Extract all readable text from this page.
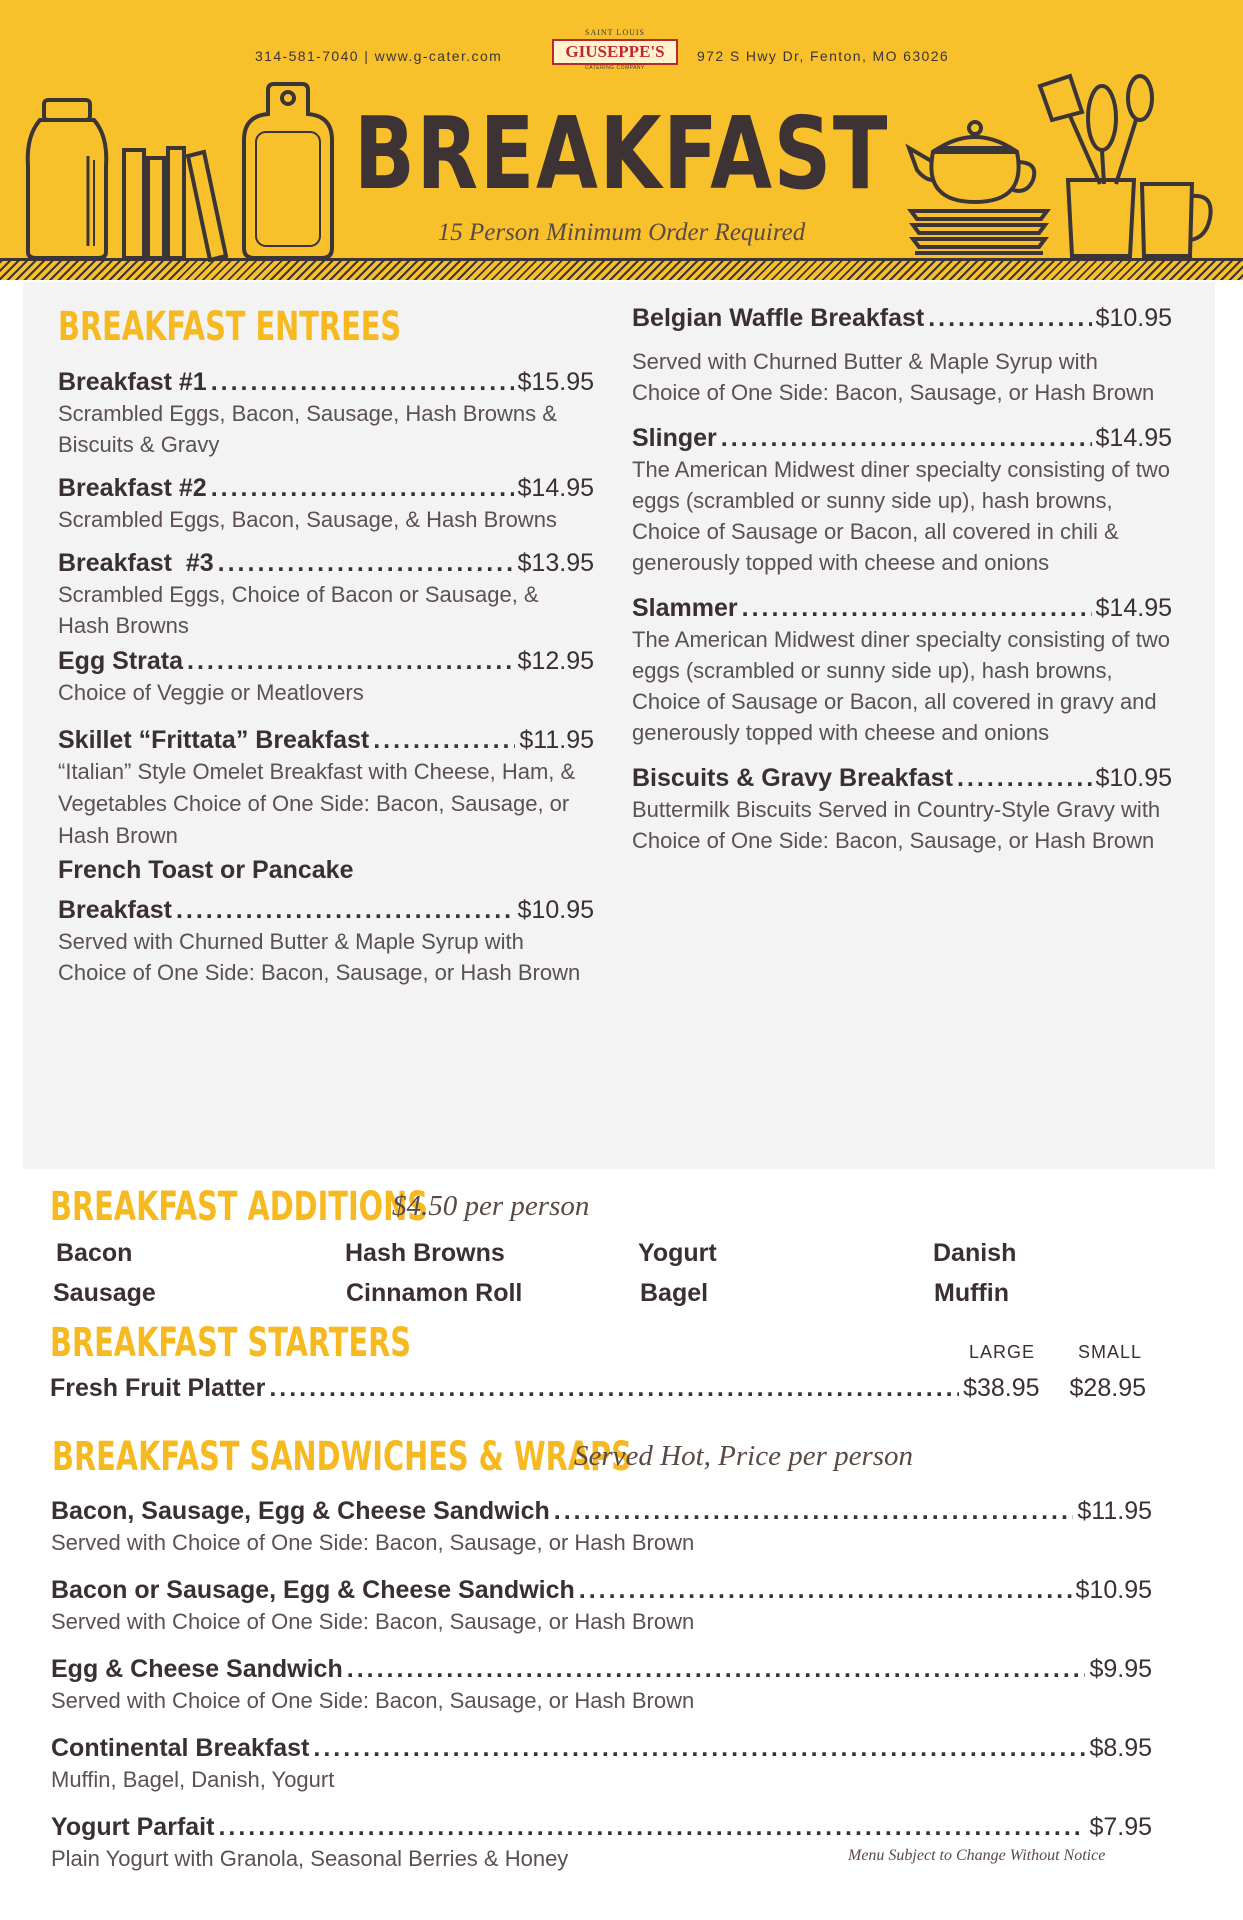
314-581-7040 | www.g-cater.com
SAINT LOUIS
GIUSEPPE'S
CATERING COMPANY
972 S Hwy Dr, Fenton, MO 63026
BREAKFAST
15 Person Minimum Order Required
BREAKFAST ENTREES
Breakfast #1 .....	$15.95
Scrambled Eggs, Bacon, Sausage, Hash Browns & Biscuits & Gravy
Breakfast #2 .....	$14.95
Scrambled Eggs, Bacon, Sausage, & Hash Browns
Breakfast  #3 .....	$13.95
Scrambled Eggs, Choice of Bacon or Sausage, & Hash Browns
Egg Strata .....	$12.95
Choice of Veggie or Meatlovers
Skillet “Frittata” Breakfast .....	$11.95
“Italian” Style Omelet Breakfast with Cheese, Ham, & Vegetables Choice of One Side: Bacon, Sausage, or Hash Brown
French Toast or Pancake
Breakfast .....	$10.95
Served with Churned Butter & Maple Syrup with Choice of One Side: Bacon, Sausage, or Hash Brown
Belgian Waffle Breakfast .....	$10.95
Served with Churned Butter & Maple Syrup with Choice of One Side: Bacon, Sausage, or Hash Brown
Slinger .....	$14.95
The American Midwest diner specialty consisting of two eggs (scrambled or sunny side up), hash browns, Choice of Sausage or Bacon, all covered in chili & generously topped with cheese and onions
Slammer .....	$14.95
The American Midwest diner specialty consisting of two eggs (scrambled or sunny side up), hash browns, Choice of Sausage or Bacon, all covered in gravy and generously topped with cheese and onions
Biscuits & Gravy Breakfast .....	$10.95
Buttermilk Biscuits Served in Country-Style Gravy with Choice of One Side: Bacon, Sausage, or Hash Brown
BREAKFAST ADDITIONS
$4.50 per person
Bacon	Hash Browns	Yogurt	Danish
Sausage	Cinnamon Roll	Bagel	Muffin
BREAKFAST STARTERS	LARGE SMALL
Fresh Fruit Platter .....	$38.95 $28.95
BREAKFAST SANDWICHES & WRAPS
Served Hot, Price per person
Bacon, Sausage, Egg & Cheese Sandwich .....	$11.95
Served with Choice of One Side: Bacon, Sausage, or Hash Brown
Bacon or Sausage, Egg & Cheese Sandwich .....	$10.95
Served with Choice of One Side: Bacon, Sausage, or Hash Brown
Egg & Cheese Sandwich .....	$9.95
Served with Choice of One Side: Bacon, Sausage, or Hash Brown
Continental Breakfast .....	$8.95
Muffin, Bagel, Danish, Yogurt
Yogurt Parfait .....	$7.95
Plain Yogurt with Granola, Seasonal Berries & Honey	Menu Subject to Change Without Notice
